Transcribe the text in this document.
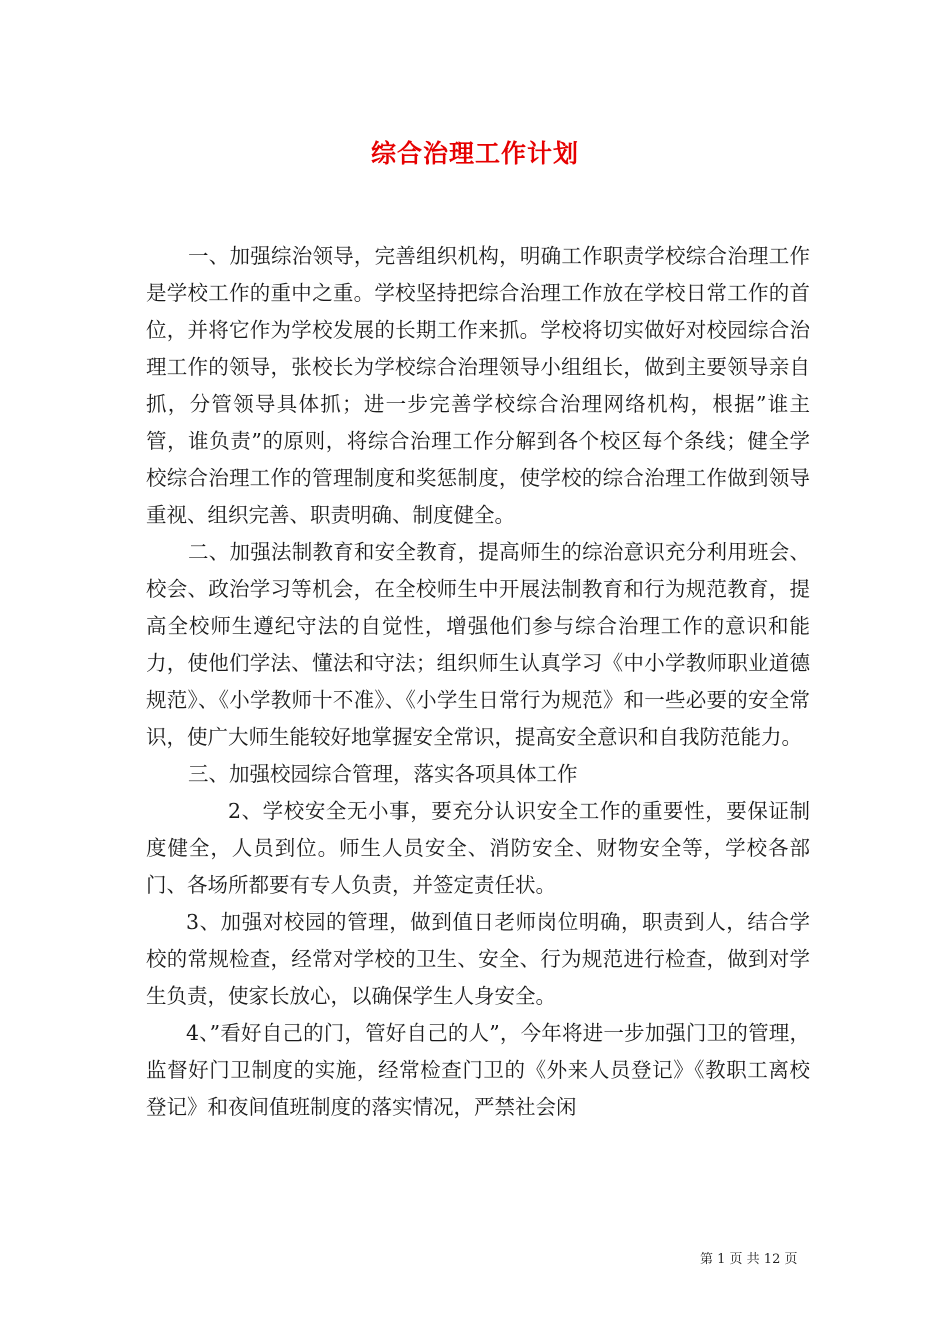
综合治理工作计划

一、加强综治领导，完善组织机构，明确工作职责学校综合治理工作是学校工作的重中之重。学校坚持把综合治理工作放在学校日常工作的首位，并将它作为学校发展的长期工作来抓。学校将切实做好对校园综合治理工作的领导，张校长为学校综合治理领导小组组长，做到主要领导亲自抓，分管领导具体抓；进一步完善学校综合治理网络机构，根据”谁主管，谁负责”的原则，将综合治理工作分解到各个校区每个条线；健全学校综合治理工作的管理制度和奖惩制度，使学校的综合治理工作做到领导重视、组织完善、职责明确、制度健全。

二、加强法制教育和安全教育，提高师生的综治意识充分利用班会、校会、政治学习等机会，在全校师生中开展法制教育和行为规范教育，提高全校师生遵纪守法的自觉性，增强他们参与综合治理工作的意识和能力，使他们学法、懂法和守法；组织师生认真学习《中小学教师职业道德规范》、《小学教师十不准》、《小学生日常行为规范》和一些必要的安全常识，使广大师生能较好地掌握安全常识，提高安全意识和自我防范能力。

三、加强校园综合管理，落实各项具体工作

2、学校安全无小事，要充分认识安全工作的重要性，要保证制度健全，人员到位。师生人员安全、消防安全、财物安全等，学校各部门、各场所都要有专人负责，并签定责任状。

3、加强对校园的管理，做到值日老师岗位明确，职责到人，结合学校的常规检查，经常对学校的卫生、安全、行为规范进行检查，做到对学生负责，使家长放心，以确保学生人身安全。

4、”看好自己的门，管好自己的人”，今年将进一步加强门卫的管理，监督好门卫制度的实施，经常检查门卫的《外来人员登记》《教职工离校登记》和夜间值班制度的落实情况，严禁社会闲

第 1 页 共 12 页
